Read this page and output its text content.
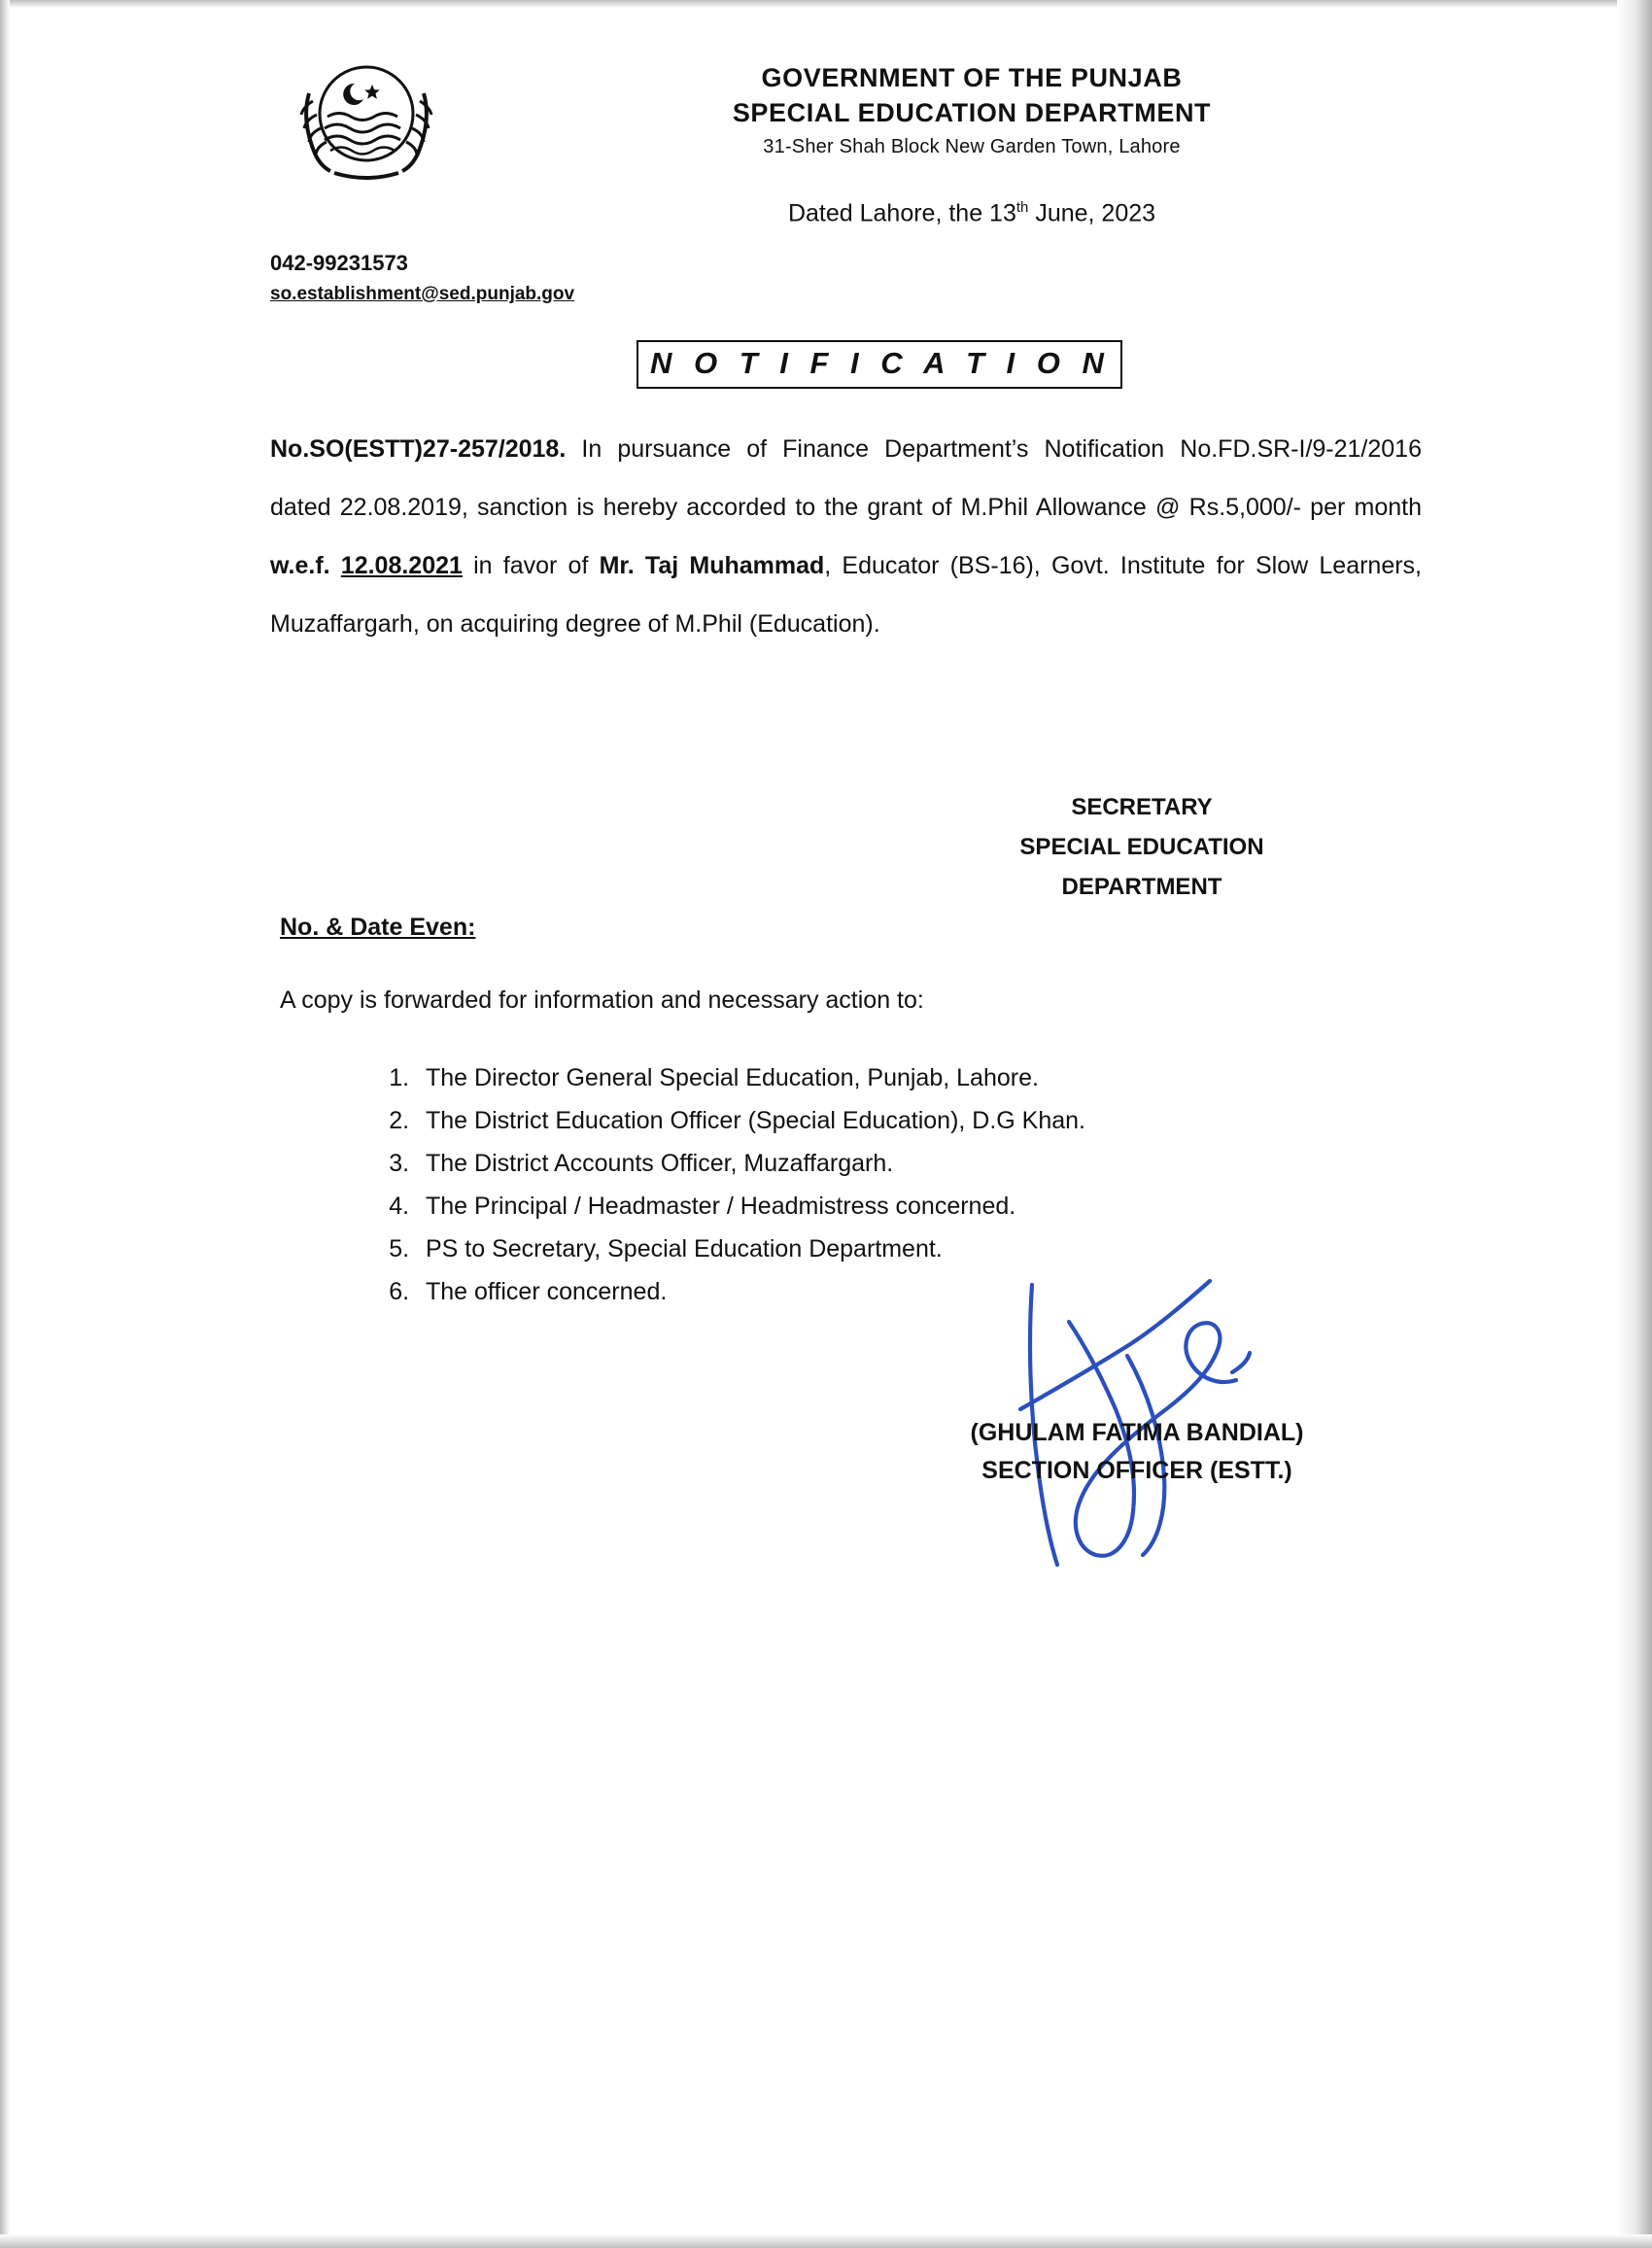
GOVERNMENT OF THE PUNJAB
SPECIAL EDUCATION DEPARTMENT
31-Sher Shah Block New Garden Town, Lahore
Dated Lahore, the 13th June, 2023
042-99231573
so.establishment@sed.punjab.gov
N O T I F I C A T I O N
No.SO(ESTT)27-257/2018. In pursuance of Finance Department’s Notification No.FD.SR-I/9-21/2016 dated 22.08.2019, sanction is hereby accorded to the grant of M.Phil Allowance @ Rs.5,000/- per month w.e.f. 12.08.2021 in favor of Mr. Taj Muhammad, Educator (BS-16), Govt. Institute for Slow Learners, Muzaffargarh, on acquiring degree of M.Phil (Education).
SECRETARY
SPECIAL EDUCATION
DEPARTMENT
No. & Date Even:
A copy is forwarded for information and necessary action to:
1. The Director General Special Education, Punjab, Lahore.
2. The District Education Officer (Special Education), D.G Khan.
3. The District Accounts Officer, Muzaffargarh.
4. The Principal / Headmaster / Headmistress concerned.
5. PS to Secretary, Special Education Department.
6. The officer concerned.
(GHULAM FATIMA BANDIAL)
SECTION OFFICER (ESTT.)
